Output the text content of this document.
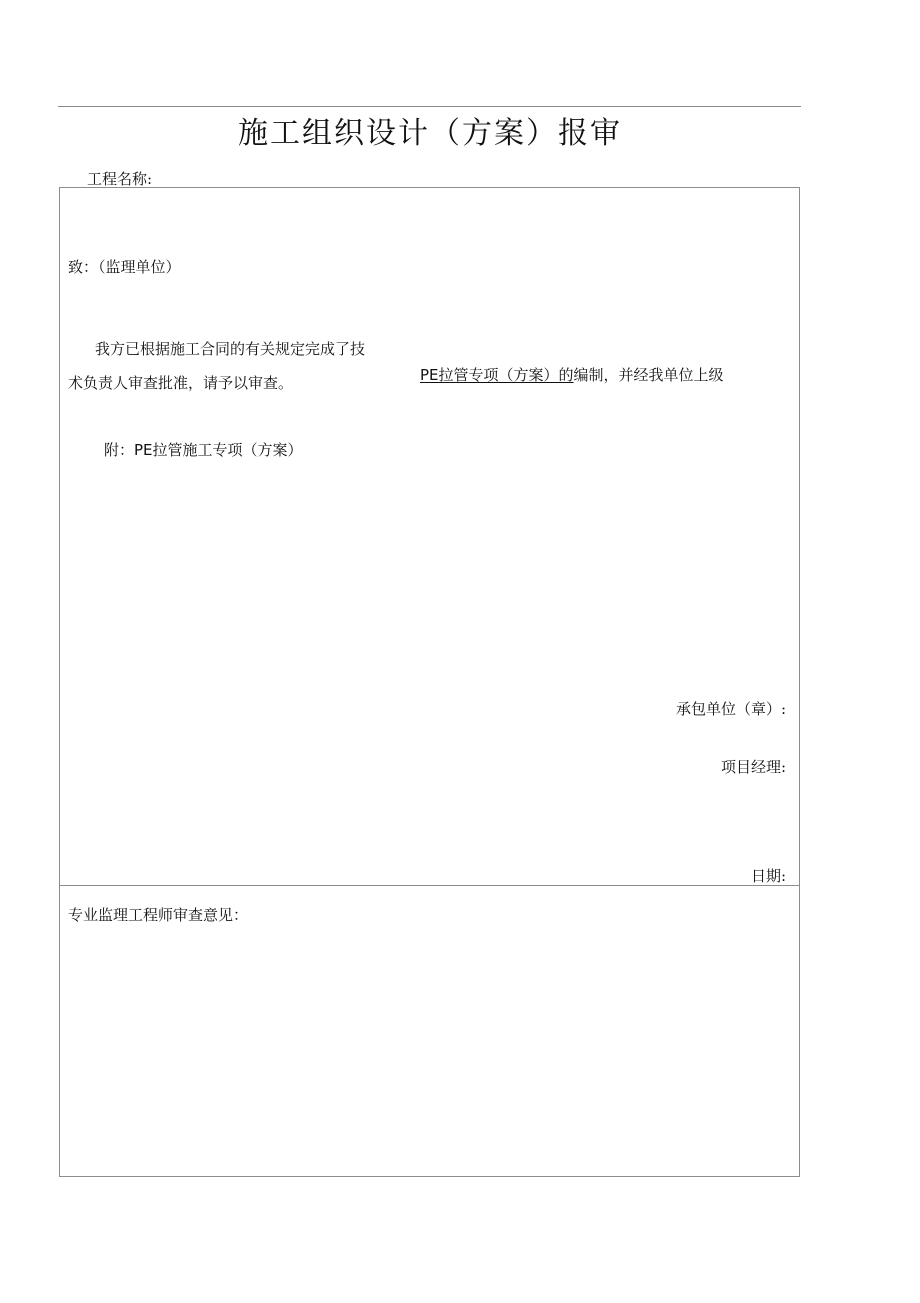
施工组织设计（方案）报审
工程名称:
致：（监理单位）
我方已根据施工合同的有关规定完成了技
术负责人审查批准，请予以审查。	PE拉管专项（方案）的编制，并经我单位上级
附：PE拉管施工专项（方案）
承包单位（章）:
项目经理:
日期:
专业监理工程师审查意见：
